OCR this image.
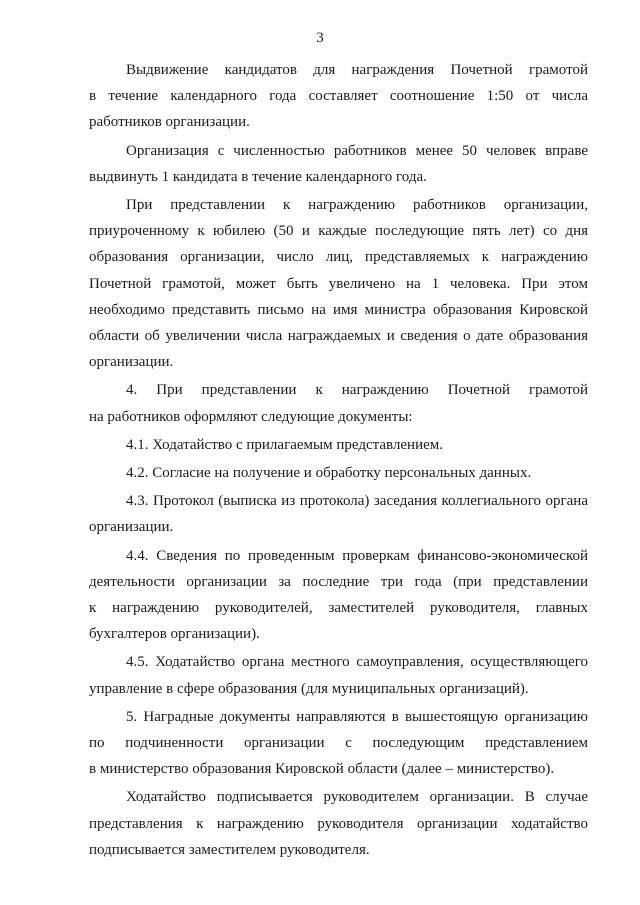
3
Выдвижение кандидатов для награждения Почетной грамотой
в течение календарного года составляет соотношение 1:50 от числа
работников организации.
Организация с численностью работников менее 50 человек вправе
выдвинуть 1 кандидата в течение календарного года.
При представлении к награждению работников организации,
приуроченному к юбилею (50 и каждые последующие пять лет) со дня
образования организации, число лиц, представляемых к награждению
Почетной грамотой, может быть увеличено на 1 человека. При этом
необходимо представить письмо на имя министра образования Кировской
области об увеличении числа награждаемых и сведения о дате образования
организации.
4. При представлении к награждению Почетной грамотой
на работников оформляют следующие документы:
4.1. Ходатайство с прилагаемым представлением.
4.2. Согласие на получение и обработку персональных данных.
4.3. Протокол (выписка из протокола) заседания коллегиального органа
организации.
4.4. Сведения по проведенным проверкам финансово-экономической
деятельности организации за последние три года (при представлении
к награждению руководителей, заместителей руководителя, главных
бухгалтеров организации).
4.5. Ходатайство органа местного самоуправления, осуществляющего
управление в сфере образования (для муниципальных организаций).
5. Наградные документы направляются в вышестоящую организацию
по подчиненности организации с последующим представлением
в министерство образования Кировской области (далее – министерство).
Ходатайство подписывается руководителем организации. В случае
представления к награждению руководителя организации ходатайство
подписывается заместителем руководителя.
